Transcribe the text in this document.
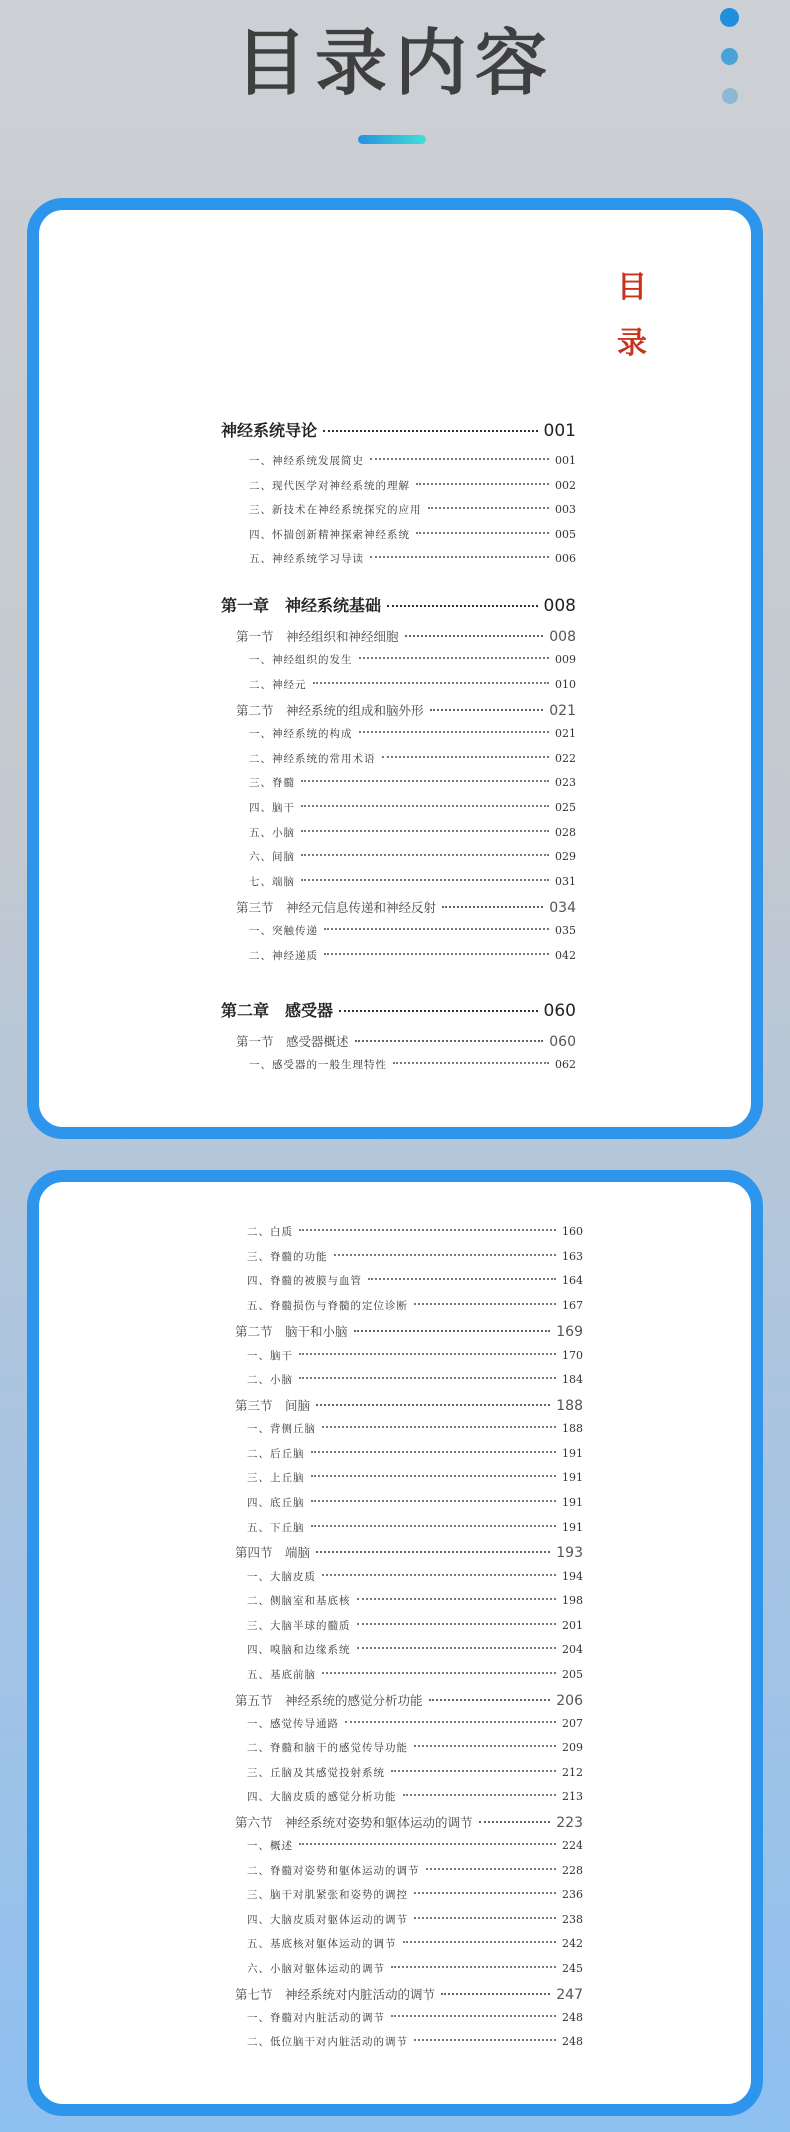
目录内容
目
录
神经系统导论	001
一、神经系统发展简史	001
二、现代医学对神经系统的理解	002
三、新技术在神经系统探究的应用	003
四、怀揣创新精神探索神经系统	005
五、神经系统学习导读	006
第一章　神经系统基础	008
第一节　神经组织和神经细胞	008
一、神经组织的发生	009
二、神经元	010
第二节　神经系统的组成和脑外形	021
一、神经系统的构成	021
二、神经系统的常用术语	022
三、脊髓	023
四、脑干	025
五、小脑	028
六、间脑	029
七、端脑	031
第三节　神经元信息传递和神经反射	034
一、突触传递	035
二、神经递质	042
第二章　感受器	060
第一节　感受器概述	060
一、感受器的一般生理特性	062
二、白质	160
三、脊髓的功能	163
四、脊髓的被膜与血管	164
五、脊髓损伤与脊髓的定位诊断	167
第二节　脑干和小脑	169
一、脑干	170
二、小脑	184
第三节　间脑	188
一、背侧丘脑	188
二、后丘脑	191
三、上丘脑	191
四、底丘脑	191
五、下丘脑	191
第四节　端脑	193
一、大脑皮质	194
二、侧脑室和基底核	198
三、大脑半球的髓质	201
四、嗅脑和边缘系统	204
五、基底前脑	205
第五节　神经系统的感觉分析功能	206
一、感觉传导通路	207
二、脊髓和脑干的感觉传导功能	209
三、丘脑及其感觉投射系统	212
四、大脑皮质的感觉分析功能	213
第六节　神经系统对姿势和躯体运动的调节	223
一、概述	224
二、脊髓对姿势和躯体运动的调节	228
三、脑干对肌紧张和姿势的调控	236
四、大脑皮质对躯体运动的调节	238
五、基底核对躯体运动的调节	242
六、小脑对躯体运动的调节	245
第七节　神经系统对内脏活动的调节	247
一、脊髓对内脏活动的调节	248
二、低位脑干对内脏活动的调节	248
